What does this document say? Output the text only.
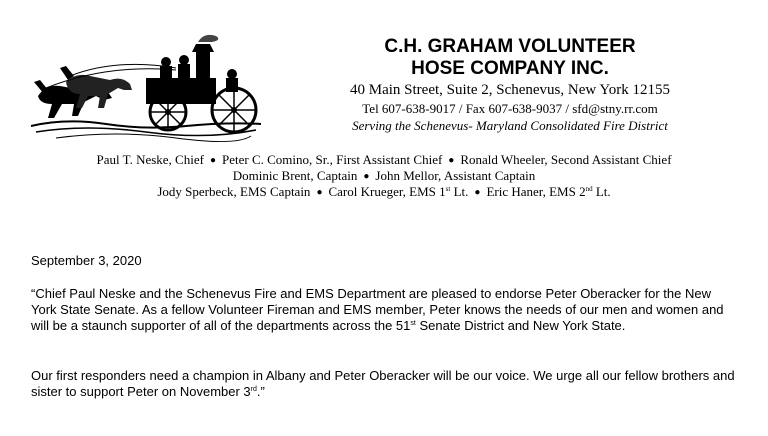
C.H. GRAHAM VOLUNTEER
HOSE COMPANY INC.
40 Main Street, Suite 2, Schenevus, New York 12155
Tel 607-638-9017 / Fax 607-638-9037 / sfd@stny.rr.com
Serving the Schenevus- Maryland Consolidated Fire District
Paul T. Neske, Chief ● Peter C. Comino, Sr., First Assistant Chief ● Ronald Wheeler, Second Assistant Chief
Dominic Brent, Captain ● John Mellor, Assistant Captain
Jody Sperbeck, EMS Captain ● Carol Krueger, EMS 1st Lt. ● Eric Haner, EMS 2nd Lt.
September 3, 2020
“Chief Paul Neske and the Schenevus Fire and EMS Department are pleased to endorse Peter Oberacker for the New York State Senate. As a fellow Volunteer Fireman and EMS member, Peter knows the needs of our men and women and will be a staunch supporter of all of the departments across the 51st Senate District and New York State.
Our first responders need a champion in Albany and Peter Oberacker will be our voice. We urge all our fellow brothers and sister to support Peter on November 3rd.”
